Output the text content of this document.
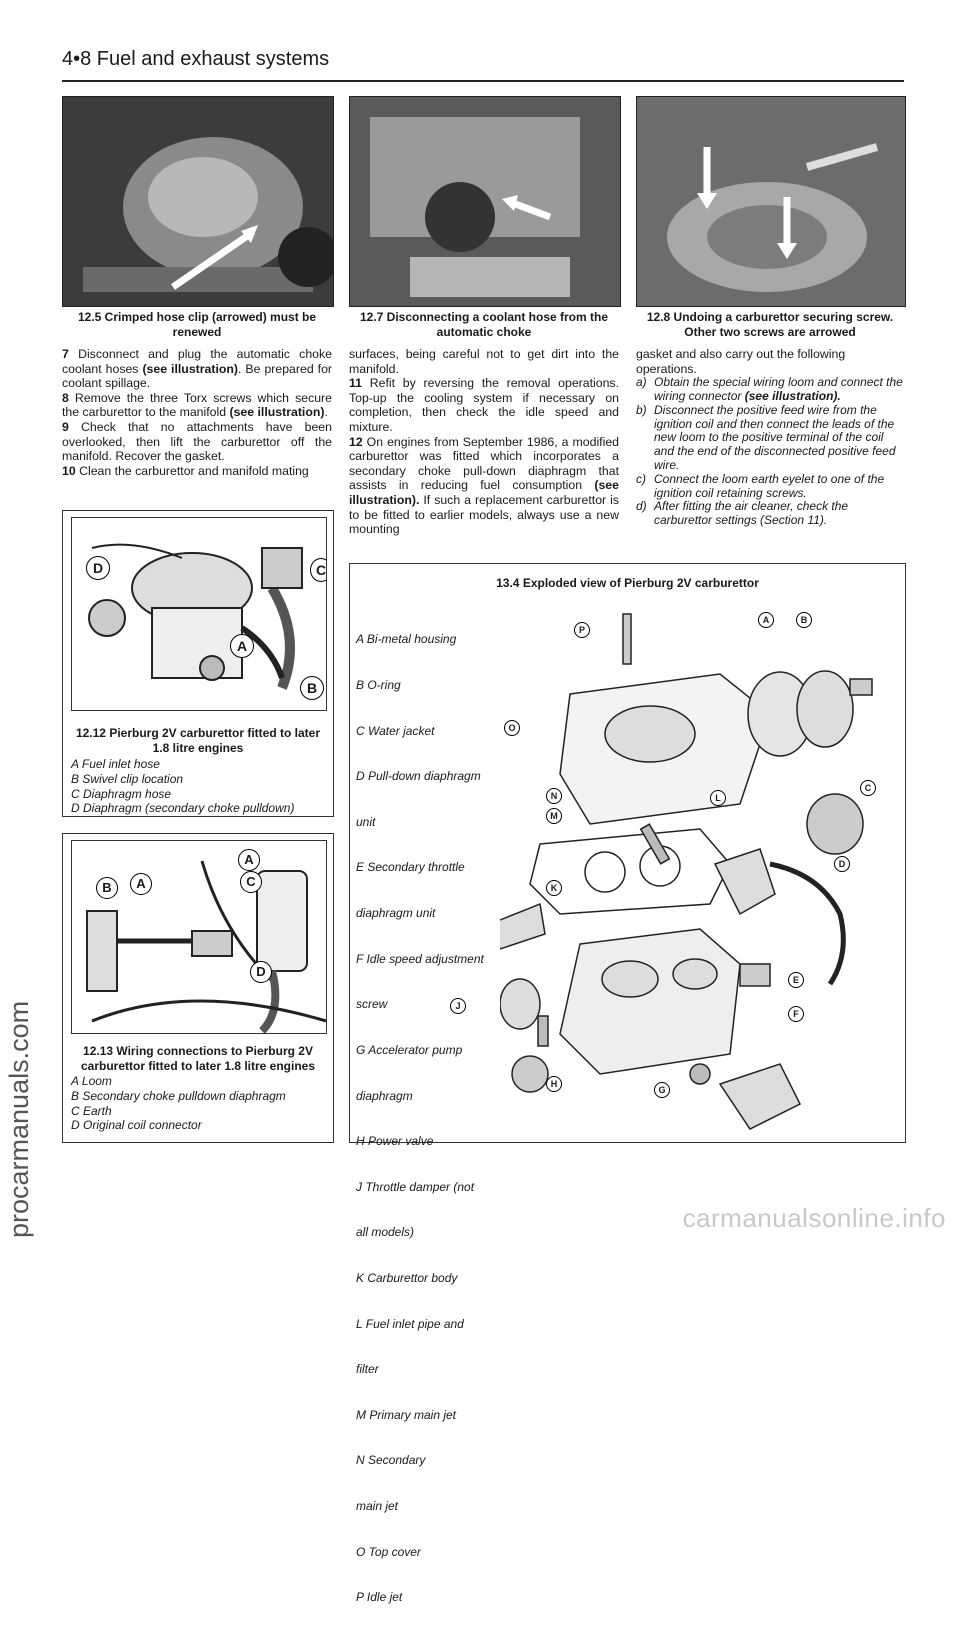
4•8 Fuel and exhaust systems
12.5 Crimped hose clip (arrowed) must be renewed
12.7 Disconnecting a coolant hose from the automatic choke
12.8 Undoing a carburettor securing screw. Other two screws are arrowed

7 Disconnect and plug the automatic choke coolant hoses (see illustration). Be prepared for coolant spillage.

8 Remove the three Torx screws which secure the carburettor to the manifold (see illustration).

9 Check that no attachments have been overlooked, then lift the carburettor off the manifold. Recover the gasket.

10 Clean the carburettor and manifold mating

surfaces, being careful not to get dirt into the manifold.

11 Refit by reversing the removal operations. Top-up the cooling system if necessary on completion, then check the idle speed and mixture.

12 On engines from September 1986, a modified carburettor was fitted which incorporates a secondary choke pull-down diaphragm that assists in reducing fuel consumption (see illustration). If such a replacement carburettor is to be fitted to earlier models, always use a new mounting

gasket and also carry out the following operations.

a) Obtain the special wiring loom and connect the wiring connector (see illustration).
b) Disconnect the positive feed wire from the ignition coil and then connect the leads of the new loom to the positive terminal of the coil and the end of the disconnected positive feed wire.
c) Connect the loom earth eyelet to one of the ignition coil retaining screws.
d) After fitting the air cleaner, check the carburettor settings (Section 11).
D	C
A
B
12.12 Pierburg 2V carburettor fitted to later 1.8 litre engines
A Fuel inlet hose
B Swivel clip location
C Diaphragm hose
D Diaphragm (secondary choke pulldown)
A
B	A	C
D
12.13 Wiring connections to Pierburg 2V carburettor fitted to later 1.8 litre engines
A Loom
B Secondary choke pulldown diaphragm
C Earth
D Original coil connector
13.4 Exploded view of Pierburg 2V carburettor

A Bi-metal housing

B O-ring

C Water jacket

D Pull-down diaphragm

unit

E Secondary throttle

diaphragm unit

F Idle speed adjustment

screw

G Accelerator pump

diaphragm

H Power valve

J Throttle damper (not

all models)

K Carburettor body

L Fuel inlet pipe and

filter

M Primary main jet

N Secondary

main jet

O Top cover

P Idle jet

P
A	B
O
C
N	L
M
D
K
E
J
F
H
G
procarmanuals.com	carmanualsonline.info
